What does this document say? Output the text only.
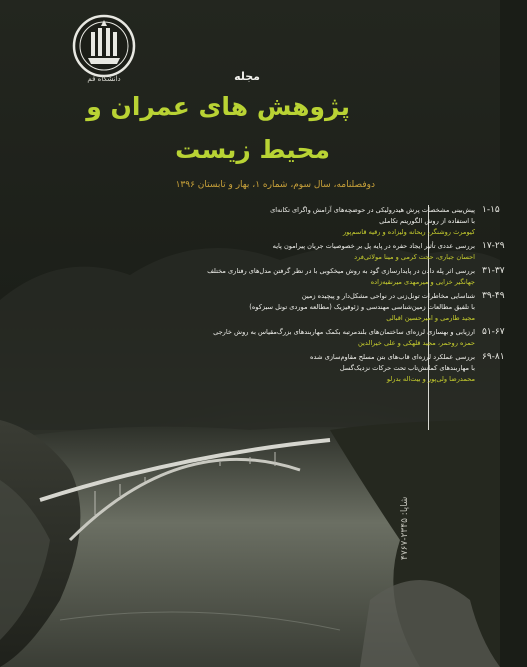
دانشگاه قم	مجله
پژوهش های عمران و
محیط زیست
دوفصلنامه، سال سوم، شماره ۱، بهار و تابستان ۱۳۹۶
۱-۱۵
پیش‌بینی مشخصات پرش هیدرولیکی در حوضچه‌های آرامش واگرای تکانه‌ای
با استفاده از روش الگوریتم تکاملی
کیومرث روشنگر، ریحانه ولیزاده و رقیه قاسم‌پور
۱۷-۲۹
بررسی عددی تأثیر ایجاد حفره در پایه پل بر خصوصیات جریان پیرامون پایه
احسان جباری، حجت کرمی و مینا مولائی‌فرد
۳۱-۳۷
بررسی اثر پله دادن در پایدارسازی گود به روش میخکوبی با در نظر گرفتن مدل‌های رفتاری مختلف
جهانگیر خزایی و میرمهدی میرنقیه‌زاده
۳۹-۴۹
شناسایی مخاطرات تونل‌زنی در نواحی مشکل‌دار و پیچیده زمین
با تلفیق مطالعات زمین‌شناسی مهندسی و ژئوفیزیک (مطالعه موردی تونل سبزکوه)
مجید طارمی و امیرحسین اقبالی
۵۱-۶۷
ارزیابی و بهسازی لرزه‌ای ساختمان‌های بلندمرتبه بکمک مهاربندهای بزرگ‌مقیاس به روش خارجی
حمزه روحمر، مجید قلهکی و علی خیرالدین
۶۹-۸۱
بررسی عملکرد لرزه‌ای قاب‌های بتن مسلح مقاوم‌سازی شده
با مهاربندهای کمانش‌تاب تحت حرکات نزدیک‌گسل
محمدرضا ولی‌پور و بیت‌اله بدرلو
شاپا: ۲۳۴۵-۴۷۶۷
